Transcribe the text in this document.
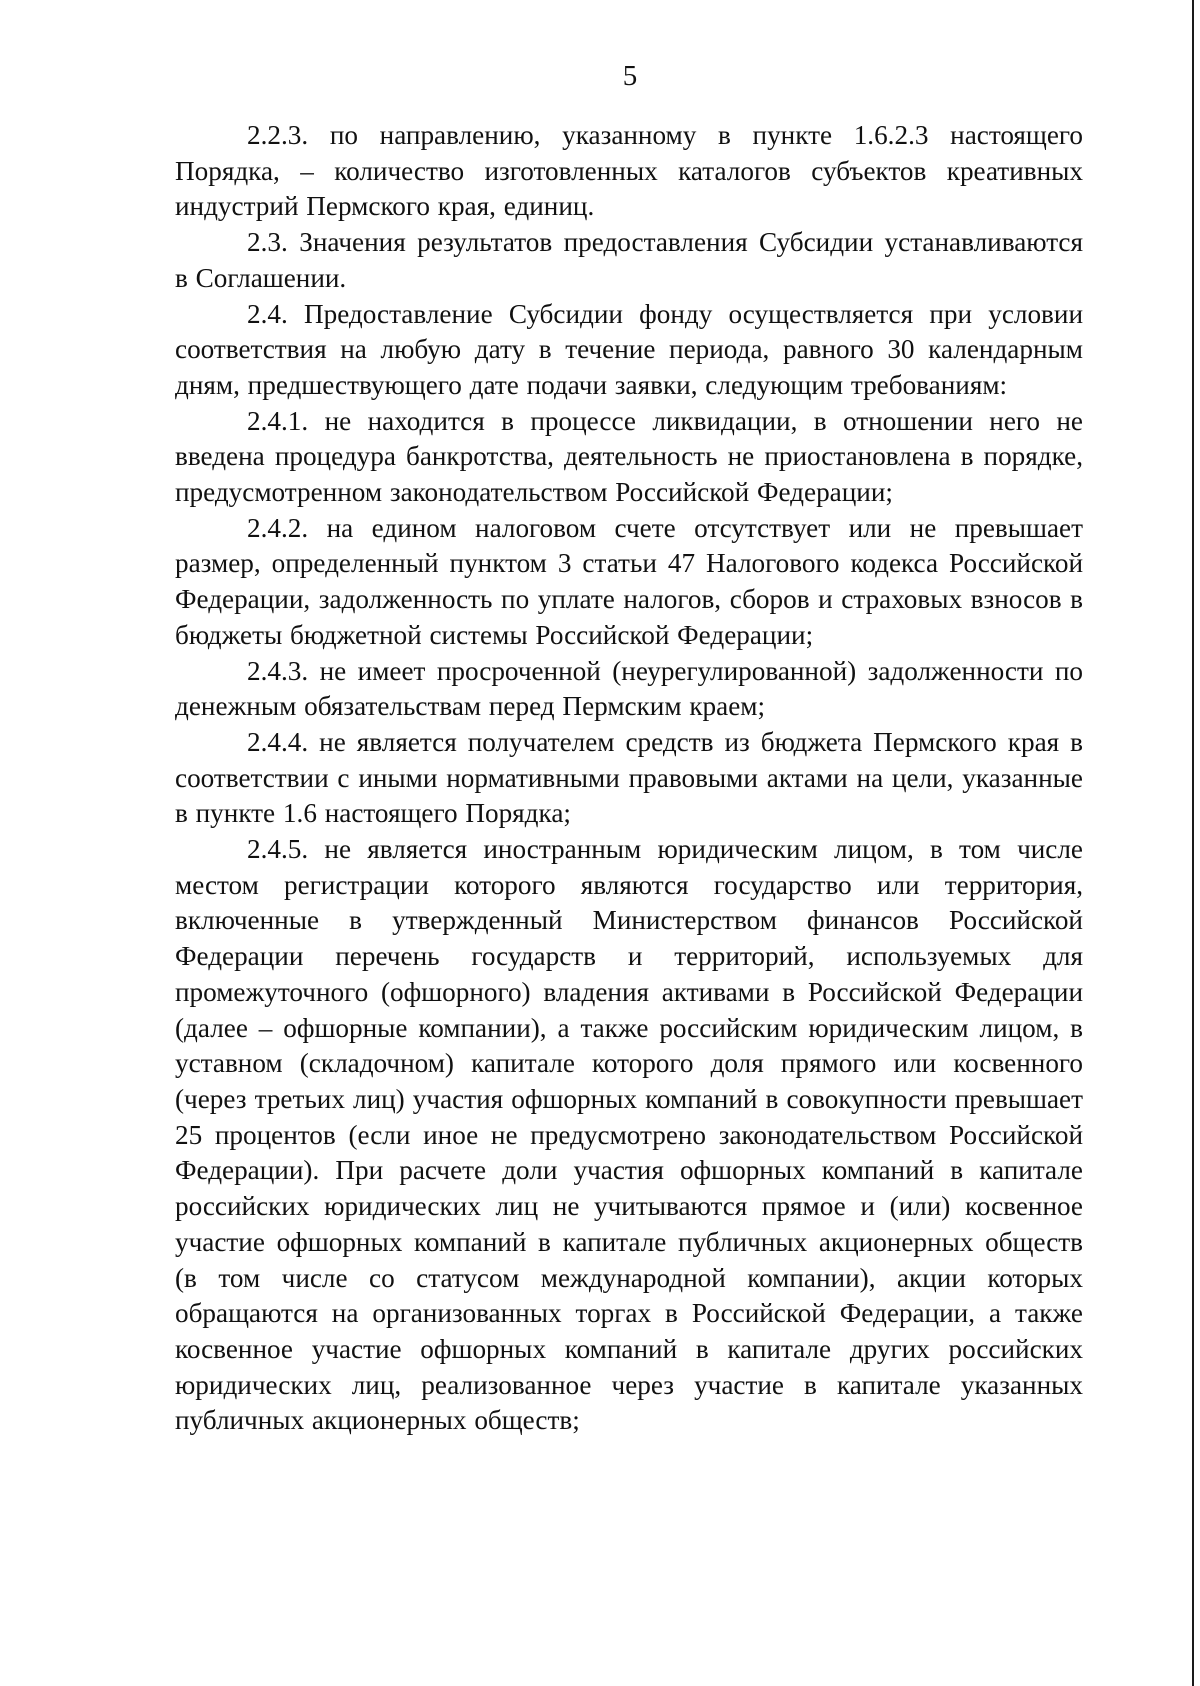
5

2.2.3. по направлению, указанному в пункте 1.6.2.3 настоящего Порядка, – количество изготовленных каталогов субъектов креативных индустрий Пермского края, единиц.

2.3. Значения результатов предоставления Субсидии устанавливаются в Соглашении.

2.4. Предоставление Субсидии фонду осуществляется при условии соответствия на любую дату в течение периода, равного 30 календарным дням, предшествующего дате подачи заявки, следующим требованиям:

2.4.1. не находится в процессе ликвидации, в отношении него не введена процедура банкротства, деятельность не приостановлена в порядке, предусмотренном законодательством Российской Федерации;

2.4.2. на едином налоговом счете отсутствует или не превышает размер, определенный пунктом 3 статьи 47 Налогового кодекса Российской Федерации, задолженность по уплате налогов, сборов и страховых взносов в бюджеты бюджетной системы Российской Федерации;

2.4.3. не имеет просроченной (неурегулированной) задолженности по денежным обязательствам перед Пермским краем;

2.4.4. не является получателем средств из бюджета Пермского края в соответствии с иными нормативными правовыми актами на цели, указанные в пункте 1.6 настоящего Порядка;

2.4.5. не является иностранным юридическим лицом, в том числе местом регистрации которого являются государство или территория, включенные в утвержденный Министерством финансов Российской Федерации перечень государств и территорий, используемых для промежуточного (офшорного) владения активами в Российской Федерации (далее – офшорные компании), а также российским юридическим лицом, в уставном (складочном) капитале которого доля прямого или косвенного (через третьих лиц) участия офшорных компаний в совокупности превышает 25 процентов (если иное не предусмотрено законодательством Российской Федерации). При расчете доли участия офшорных компаний в капитале российских юридических лиц не учитываются прямое и (или) косвенное участие офшорных компаний в капитале публичных акционерных обществ (в том числе со статусом международной компании), акции которых обращаются на организованных торгах в Российской Федерации, а также косвенное участие офшорных компаний в капитале других российских юридических лиц, реализованное через участие в капитале указанных публичных акционерных обществ;
